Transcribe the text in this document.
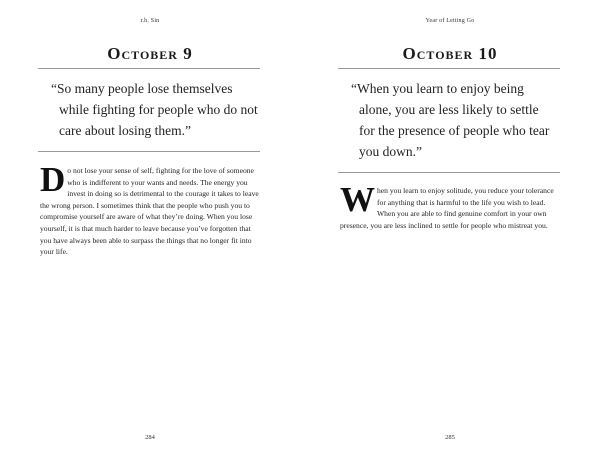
r.h. Sin
October 9
“So many people lose themselves
while fighting for people who do not
care about losing them.”
D o not lose your sense of self, fighting for the love of someone who is indifferent to your wants and needs. The energy you invest in doing so is detrimental to the courage it takes to leave the wrong person. I sometimes think that the people who push you to compromise yourself are aware of what they’re doing. When you lose yourself, it is that much harder to leave because you’ve forgotten that you have always been able to surpass the things that no longer fit into your life.
284
Year of Letting Go
October 10
“When you learn to enjoy being
alone, you are less likely to settle
for the presence of people who tear
you down.”
W hen you learn to enjoy solitude, you reduce your tolerance for anything that is harmful to the life you wish to lead. When you are able to find genuine comfort in your own presence, you are less inclined to settle for people who mistreat you.
285
